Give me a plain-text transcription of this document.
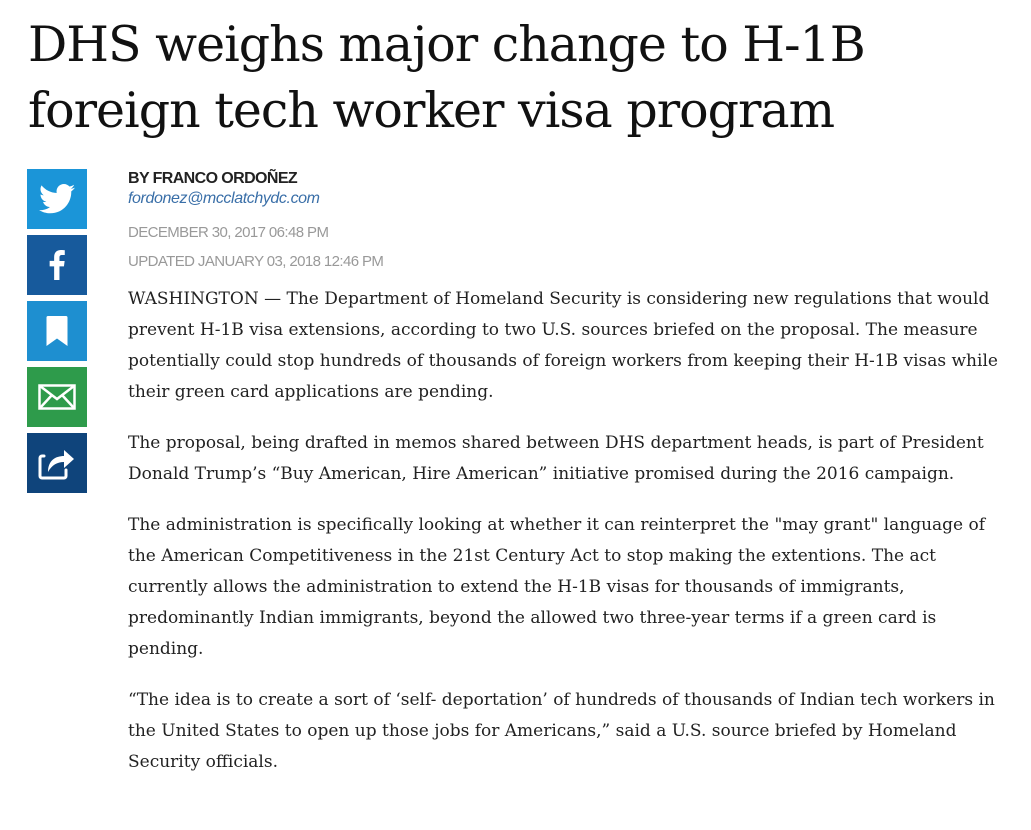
DHS weighs major change to H-1B foreign tech worker visa program
BY FRANCO ORDOÑEZ
fordonez@mcclatchydc.com
DECEMBER 30, 2017 06:48 PM
UPDATED JANUARY 03, 2018 12:46 PM

WASHINGTON — The Department of Homeland Security is considering new regulations that would prevent H-1B visa extensions, according to two U.S. sources briefed on the proposal. The measure potentially could stop hundreds of thousands of foreign workers from keeping their H-1B visas while their green card applications are pending.

The proposal, being drafted in memos shared between DHS department heads, is part of President Donald Trump’s “Buy American, Hire American” initiative promised during the 2016 campaign.

The administration is specifically looking at whether it can reinterpret the "may grant" language of the American Competitiveness in the 21st Century Act to stop making the extentions. The act currently allows the administration to extend the H-1B visas for thousands of immigrants, predominantly Indian immigrants, beyond the allowed two three-year terms if a green card is pending.

“The idea is to create a sort of ‘self- deportation’ of hundreds of thousands of Indian tech workers in the United States to open up those jobs for Americans,” said a U.S. source briefed by Homeland Security officials.
